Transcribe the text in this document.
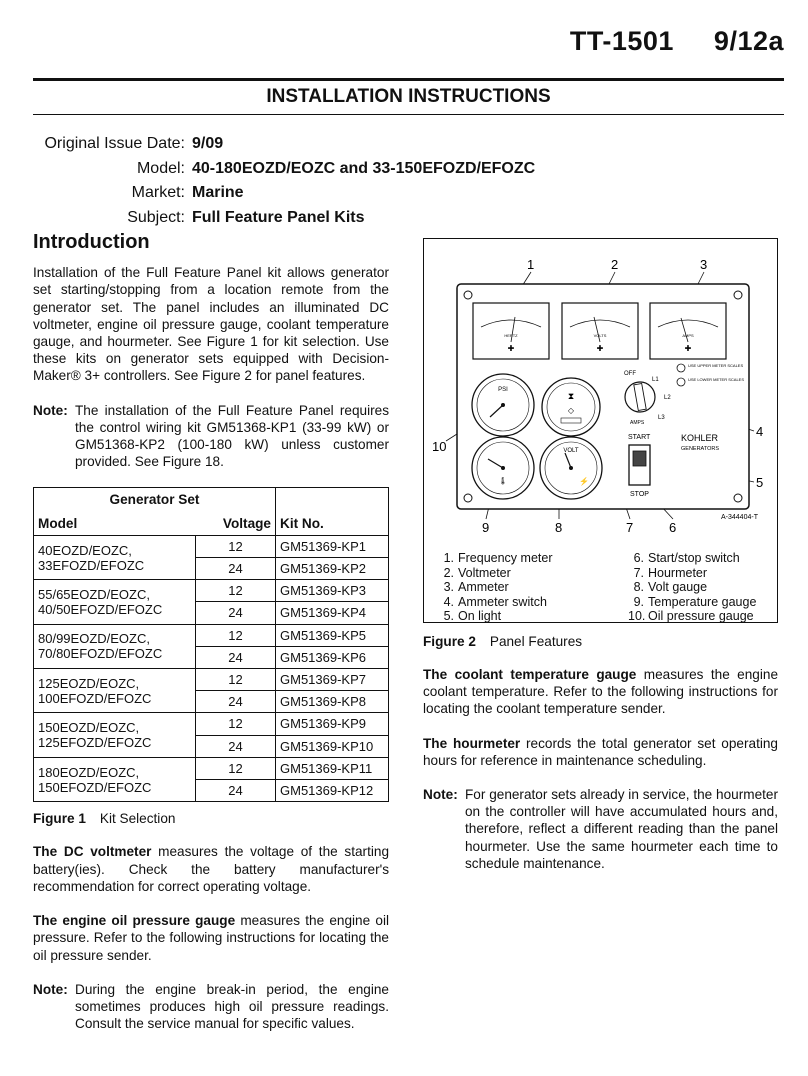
TT-1501 9/12a
INSTALLATION INSTRUCTIONS
Original Issue Date: 9/09
Model: 40-180EOZD/EOZC and 33-150EFOZD/EFOZC
Market: Marine
Subject: Full Feature Panel Kits
Introduction
Installation of the Full Feature Panel kit allows generator set starting/stopping from a location remote from the generator set. The panel includes an illuminated DC voltmeter, engine oil pressure gauge, coolant temperature gauge, and hourmeter. See Figure 1 for kit selection. Use these kits on generator sets equipped with Decision-Maker® 3+ controllers. See Figure 2 for panel features.
Note: The installation of the Full Feature Panel requires the control wiring kit GM51368-KP1 (33-99 kW) or GM51368-KP2 (100-180 kW) unless customer provided. See Figure 18.
Generator Set		Kit No.
Model	Voltage	
40EOZD/EOZC,
33EFOZD/EFOZC	12	GM51369-KP1
	24	GM51369-KP2
55/65EOZD/EOZC,
40/50EFOZD/EFOZC	12	GM51369-KP3
	24	GM51369-KP4
80/99EOZD/EOZC,
70/80EFOZD/EFOZC	12	GM51369-KP5
	24	GM51369-KP6
125EOZD/EOZC,
100EFOZD/EFOZC	12	GM51369-KP7
	24	GM51369-KP8
150EOZD/EOZC,
125EFOZD/EFOZC	12	GM51369-KP9
	24	GM51369-KP10
180EOZD/EOZC,
150EFOZD/EFOZC	12	GM51369-KP11
	24	GM51369-KP12
Figure 1 Kit Selection
The DC voltmeter measures the voltage of the starting battery(ies). Check the battery manufacturer's recommendation for correct operating voltage.
The engine oil pressure gauge measures the engine oil pressure. Refer to the following instructions for locating the oil pressure sender.
Note: During the engine break-in period, the engine sometimes produces high oil pressure readings. Consult the service manual for specific values.
1	2	3
10
4
5
9	8	7	6
HERTZ
✚
VOLTS
✚
AMPS
✚
PSI
🌡
⧗
◇
VOLT
⚡
OFF
L1
L2
L3
AMPS
USE UPPER METER SCALES
USE LOWER METER SCALES
START
STOP
KOHLER
GENERATORS
A-344404-T
1. Frequency meter	6. Start/stop switch
2. Voltmeter	7. Hourmeter
3. Ammeter	8. Volt gauge
4. Ammeter switch	9. Temperature gauge
5. On light	10. Oil pressure gauge
Figure 2 Panel Features
The coolant temperature gauge measures the engine coolant temperature. Refer to the following instructions for locating the coolant temperature sender.
The hourmeter records the total generator set operating hours for reference in maintenance scheduling.
Note: For generator sets already in service, the hourmeter on the controller will have accumulated hours and, therefore, reflect a different reading than the panel hourmeter. Use the same hourmeter each time to schedule maintenance.
